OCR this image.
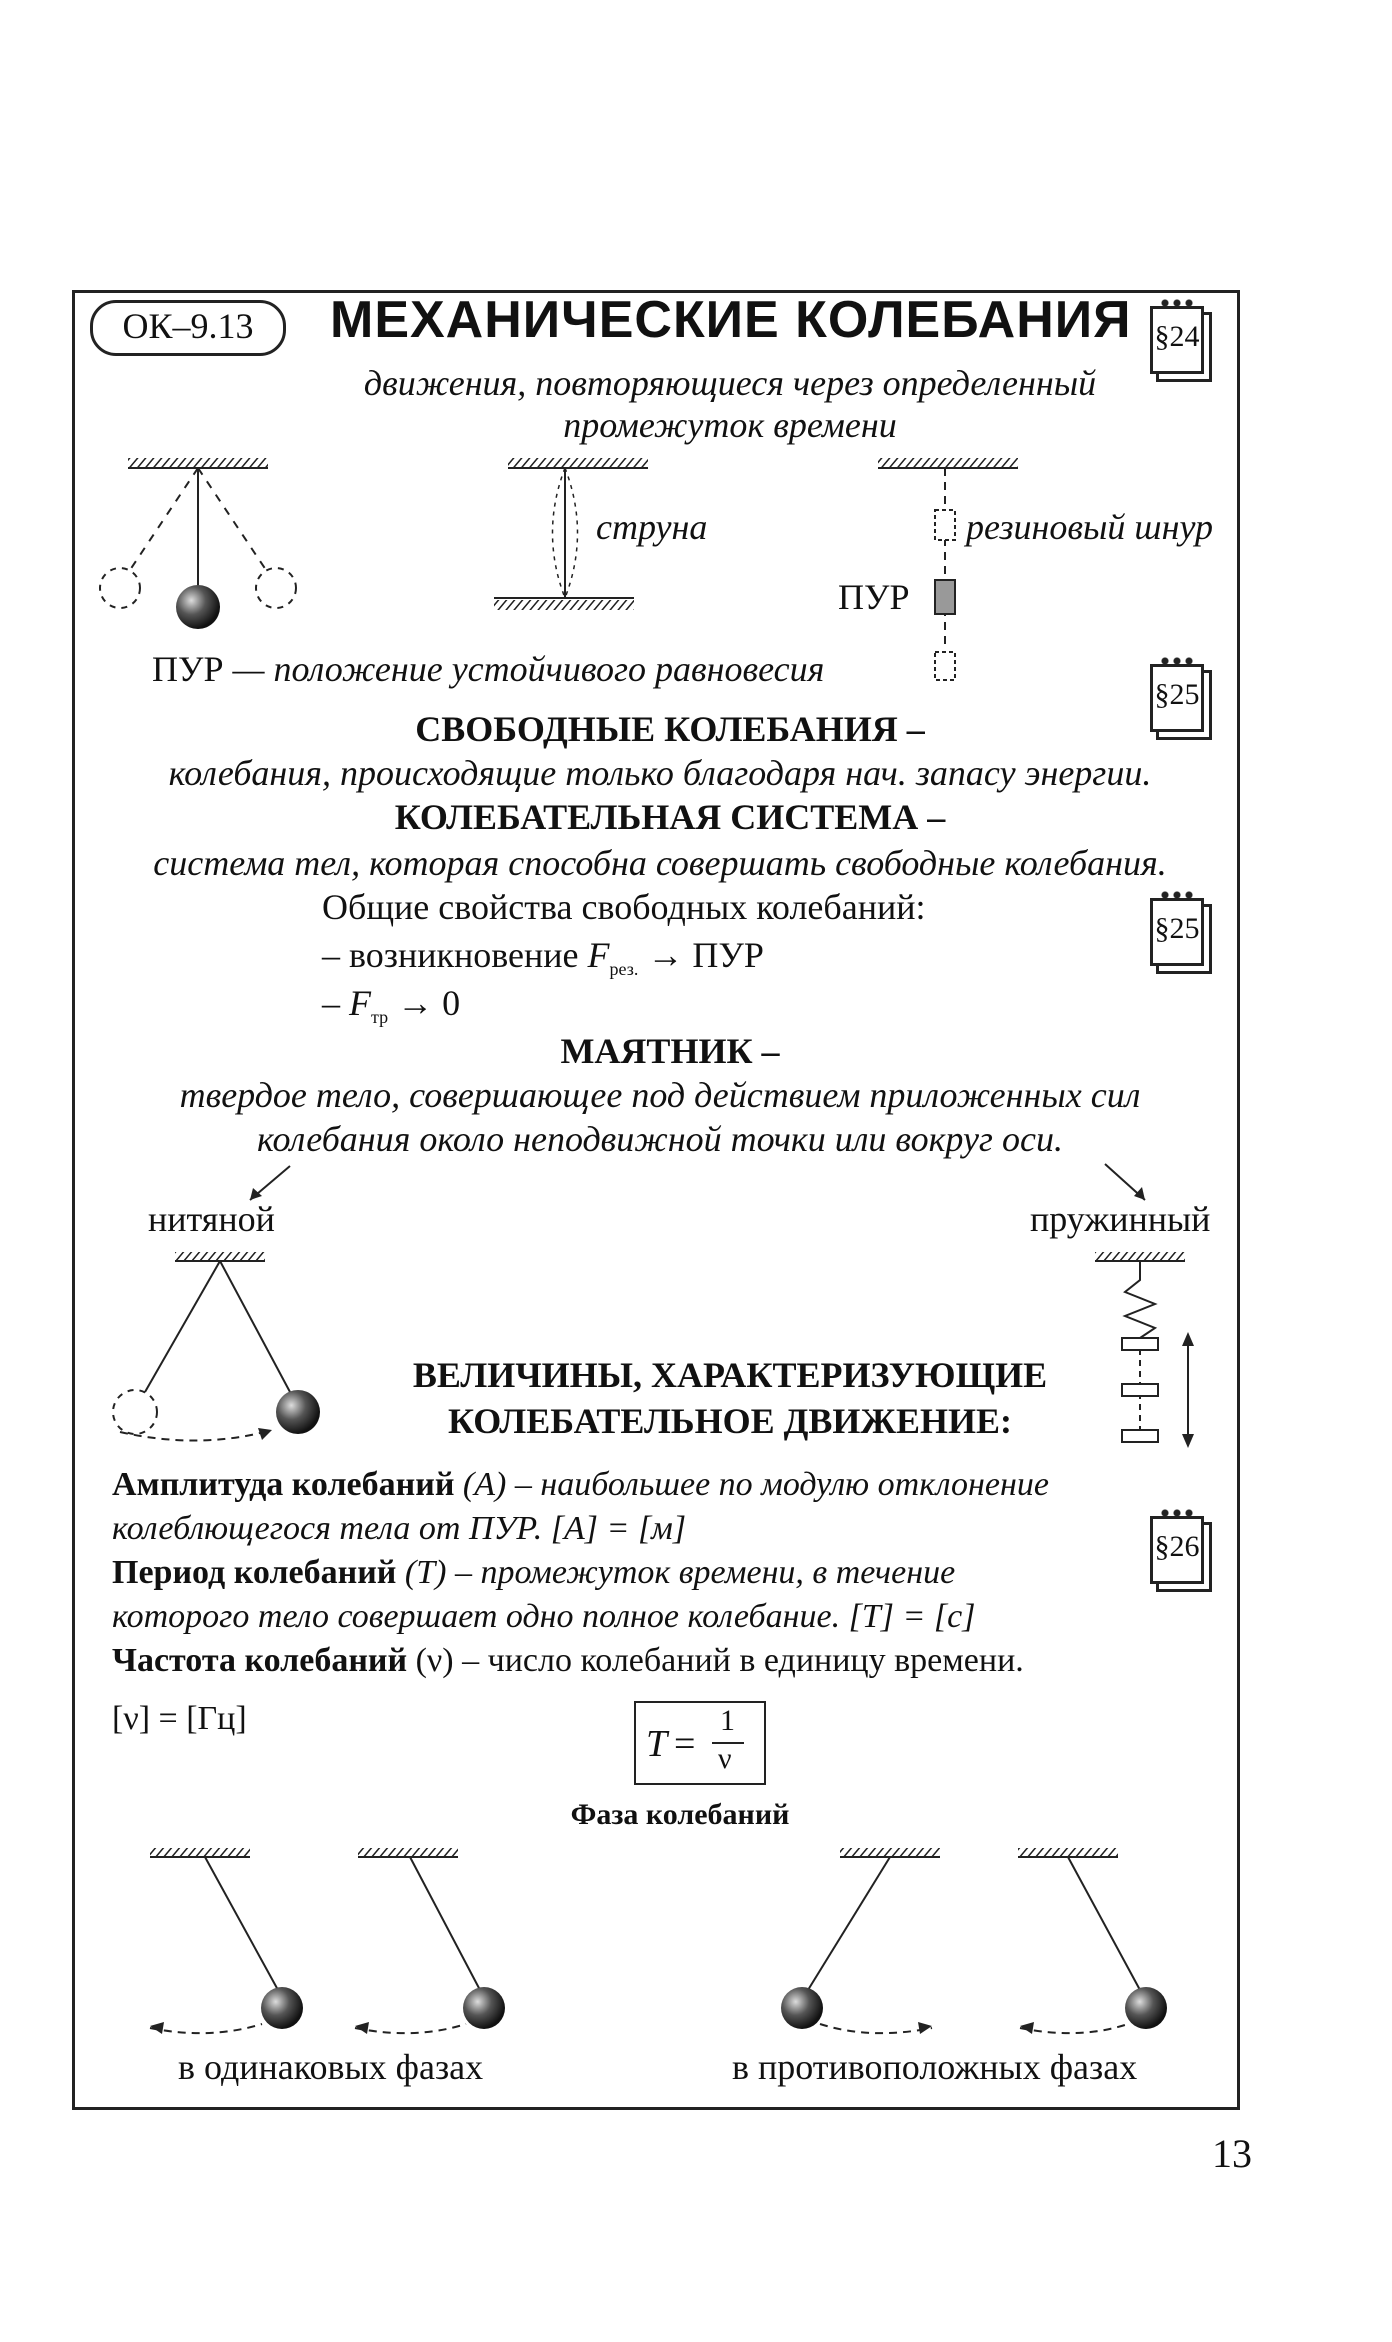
ОК–9.13	МЕХАНИЧЕСКИЕ КОЛЕБАНИЯ
движения, повторяющиеся через определенный
промежуток времени
§24
§25
§25
§26
струна	резиновый шнур
ПУР
ПУР — положение устойчивого равновесия
СВОБОДНЫЕ КОЛЕБАНИЯ –
колебания, происходящие только благодаря нач. запасу энергии.
КОЛЕБАТЕЛЬНАЯ СИСТЕМА –
система тел, которая способна совершать свободные колебания.
Общие свойства свободных колебаний:
– возникновение $F_{рез.}$ → ПУР
– $F_{тр} \to 0$
МАЯТНИК –
твердое тело, совершающее под действием приложенных сил
колебания около неподвижной точки или вокруг оси.
нитяной	пружинный
ВЕЛИЧИНЫ, ХАРАКТЕРИЗУЮЩИЕ
КОЛЕБАТЕЛЬНОЕ ДВИЖЕНИЕ:
Амплитуда колебаний (A) – наибольшее по модулю отклонение
колеблющегося тела от ПУР. [A] = [м]
Период колебаний (T) – промежуток времени, в течение
которого тело совершает одно полное колебание. [T] = [с]
Частота колебаний (ν) – число колебаний в единицу времени.
[ν] = [Гц]
T =
1
ν
Фаза колебаний
в одинаковых фазах	в противоположных фазах
13
